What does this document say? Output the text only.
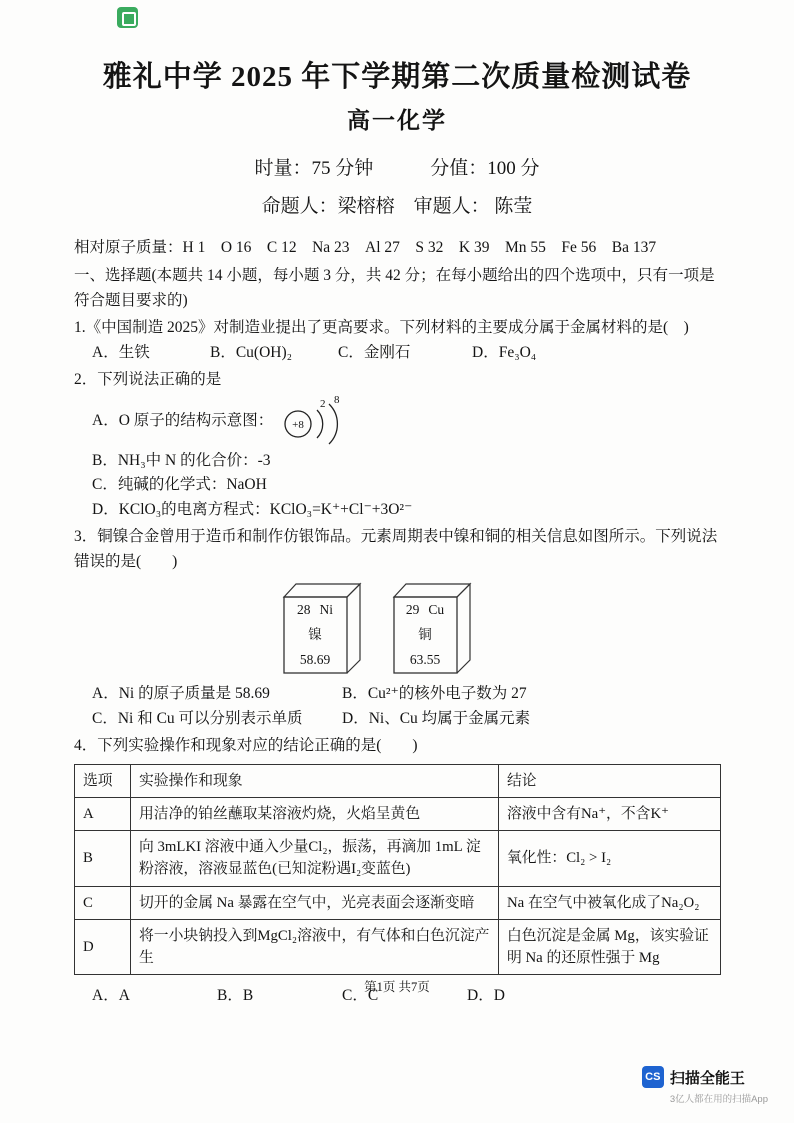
雅礼中学 2025 年下学期第二次质量检测试卷
高一化学
时量：75 分钟　　　分值：100 分
命题人：梁榕榕　审题人： 陈莹

相对原子质量：H 1　O 16　C 12　Na 23　Al 27　S 32　K 39　Mn 55　Fe 56　Ba 137

一、选择题(本题共 14 小题，每小题 3 分，共 42 分；在每小题给出的四个选项中，只有一项是符合题目要求的)

1.《中国制造 2025》对制造业提出了更高要求。下列材料的主要成分属于金属材料的是(　)

A．生铁	B．Cu(OH)₂	C．金刚石	D．Fe₃O₄

2．下列说法正确的是

A．O 原子的结构示意图： +8
2 8

B．NH₃中 N 的化合价：-3

C．纯碱的化学式：NaOH

D．KClO₃的电离方程式：KClO₃=K⁺+Cl⁻+3O²⁻

3．铜镍合金曾用于造币和制作仿银饰品。元素周期表中镍和铜的相关信息如图所示。下列说法错误的是(　　)

28 Ni
镍
58.69
29 Cu
铜
63.55
A．Ni 的原子质量是 58.69	B．Cu²⁺的核外电子数为 27
C．Ni 和 Cu 可以分别表示单质	D．Ni、Cu 均属于金属元素

4．下列实验操作和现象对应的结论正确的是(　　)

选项	实验操作和现象	结论
A	用洁净的铂丝蘸取某溶液灼烧，火焰呈黄色	溶液中含有Na⁺，不含K⁺
B	向 3mLKI 溶液中通入少量Cl₂，振荡，再滴加 1mL 淀粉溶液，溶液显蓝色(已知淀粉遇I₂变蓝色)	氧化性：Cl₂ > I₂
C	切开的金属 Na 暴露在空气中，光亮表面会逐渐变暗	Na 在空气中被氧化成了Na₂O₂
D	将一小块钠投入到MgCl₂溶液中，有气体和白色沉淀产生	白色沉淀是金属 Mg，该实验证明 Na 的还原性强于 Mg
A．A	B．B	C．C	D．D
第1页 共7页
CS 扫描全能王
3亿人都在用的扫描App
